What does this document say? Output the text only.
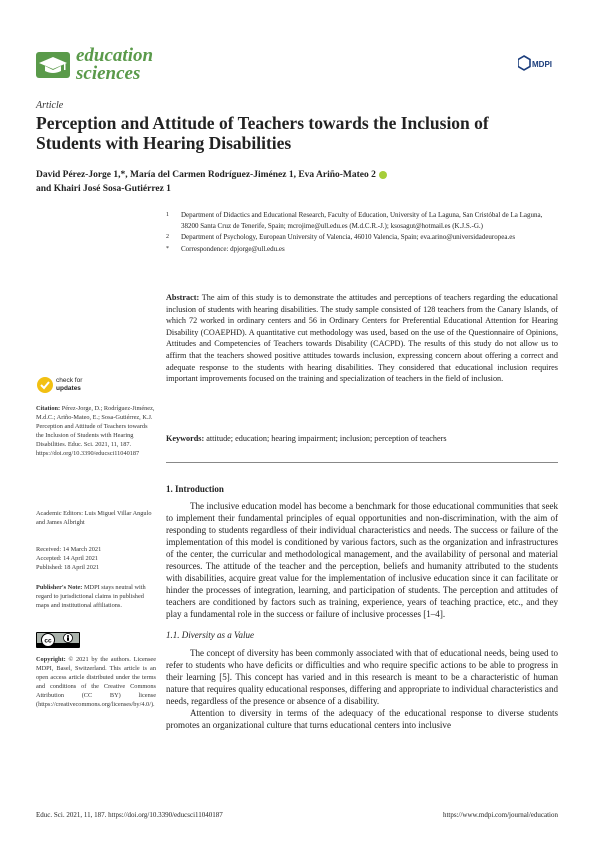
education
sciences	MDPI
Article
Perception and Attitude of Teachers towards the Inclusion of Students with Hearing Disabilities
David Pérez-Jorge 1,*, María del Carmen Rodríguez-Jiménez 1, Eva Ariño-Mateo 2
and Khairi José Sosa-Gutiérrez 1
1 Department of Didactics and Educational Research, Faculty of Education, University of La Laguna, San Cristóbal de La Laguna, 38200 Santa Cruz de Tenerife, Spain; mcrojime@ull.edu.es (M.d.C.R.-J.); ksosagut@hotmail.es (K.J.S.-G.)
2 Department of Psychology, European University of Valencia, 46010 Valencia, Spain; eva.arino@universidadeuropea.es
* Correspondence: dpjorge@ull.edu.es
Abstract: The aim of this study is to demonstrate the attitudes and perceptions of teachers regarding the educational inclusion of students with hearing disabilities. The study sample consisted of 128 teachers from the Canary Islands, of which 72 worked in ordinary centers and 56 in Ordinary Centers for Preferential Educational Attention for Hearing Disability (COAEPHD). A quantitative cut methodology was used, based on the use of the Questionnaire of Opinions, Attitudes and Competencies of Teachers towards Disability (CACPD). The results of this study do not allow us to affirm that the teachers showed positive attitudes towards inclusion, expressing concern about offering a correct and adequate response to the students with hearing disabilities. They considered that educational inclusion requires important improvements focused on the training and specialization of teachers in the field of inclusion.
Keywords: attitude; education; hearing impairment; inclusion; perception of teachers
1. Introduction

The inclusive education model has become a benchmark for those educational communities that seek to implement their fundamental principles of equal opportunities and non-discrimination, with the aim of responding to students regardless of their individual characteristics and needs. The success or failure of the implementation of this model is conditioned by various factors, such as the organization and infrastructures of the center, the curricular and methodological management, and the availability of personal and material resources. The attitude of the teacher and the perception, beliefs and humanity attributed to the students with disabilities, acquire great value for the implementation of inclusive education since it can facilitate or hinder the processes of integration, learning, and participation of students. The perception and attitudes of teachers are conditioned by factors such as training, experience, years of teaching practice, etc., and they play a fundamental role in the success or failure of inclusive processes [1–4].

1.1. Diversity as a Value

The concept of diversity has been commonly associated with that of educational needs, being used to refer to students who have deficits or difficulties and who require specific actions to be able to progress in their learning [5]. This concept has varied and in this research is meant to be a characteristic of human nature that requires quality educational responses, differing and appropriate to individual characteristics and needs, regardless of the presence or absence of a disability.

Attention to diversity in terms of the adequacy of the educational response to diverse students promotes an organizational culture that turns educational centers into inclusive

check for
updates
Citation: Pérez-Jorge, D.; Rodríguez-Jiménez, M.d.C.; Ariño-Mateo, E.; Sosa-Gutiérrez, K.J. Perception and Attitude of Teachers towards the Inclusion of Students with Hearing Disabilities. Educ. Sci. 2021, 11, 187. https://doi.org/10.3390/educsci11040187
Academic Editors: Luis Miguel Villar Angulo and James Albright
Received: 14 March 2021
Accepted: 14 April 2021
Published: 18 April 2021
Publisher's Note: MDPI stays neutral with regard to jurisdictional claims in published maps and institutional affiliations.
cc
Copyright: © 2021 by the authors. Licensee MDPI, Basel, Switzerland. This article is an open access article distributed under the terms and conditions of the Creative Commons Attribution (CC BY) license (https://creativecommons.org/licenses/by/4.0/).
Educ. Sci. 2021, 11, 187. https://doi.org/10.3390/educsci11040187	https://www.mdpi.com/journal/education
